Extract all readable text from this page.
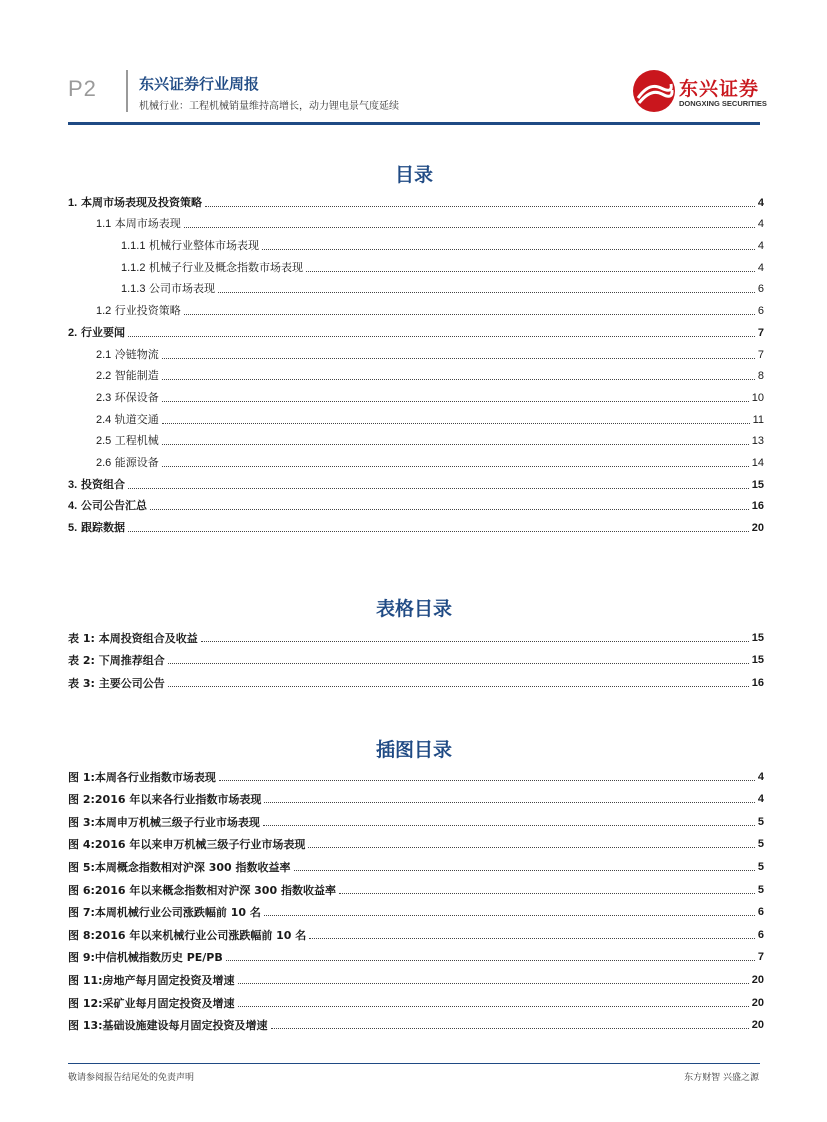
P2	东兴证券行业周报
机械行业：工程机械销量维持高增长，动力锂电景气度延续
东兴证券
DONGXING SECURITIES
目录
1. 本周市场表现及投资策略	4
1.1 本周市场表现	4
1.1.1 机械行业整体市场表现	4
1.1.2 机械子行业及概念指数市场表现	4
1.1.3 公司市场表现	6
1.2 行业投资策略	6
2. 行业要闻	7
2.1 冷链物流	7
2.2 智能制造	8
2.3 环保设备	10
2.4 轨道交通	11
2.5 工程机械	13
2.6 能源设备	14
3. 投资组合	15
4. 公司公告汇总	16
5. 跟踪数据	20
表格目录
表 1: 本周投资组合及收益	15
表 2: 下周推荐组合	15
表 3: 主要公司公告	16
插图目录
图 1:本周各行业指数市场表现	4
图 2:2016 年以来各行业指数市场表现	4
图 3:本周申万机械三级子行业市场表现	5
图 4:2016 年以来申万机械三级子行业市场表现	5
图 5:本周概念指数相对沪深 300 指数收益率	5
图 6:2016 年以来概念指数相对沪深 300 指数收益率	5
图 7:本周机械行业公司涨跌幅前 10 名	6
图 8:2016 年以来机械行业公司涨跌幅前 10 名	6
图 9:中信机械指数历史 PE/PB	7
图 11:房地产每月固定投资及增速	20
图 12:采矿业每月固定投资及增速	20
图 13:基础设施建设每月固定投资及增速	20
敬请参阅报告结尾处的免责声明	东方财智 兴盛之源
